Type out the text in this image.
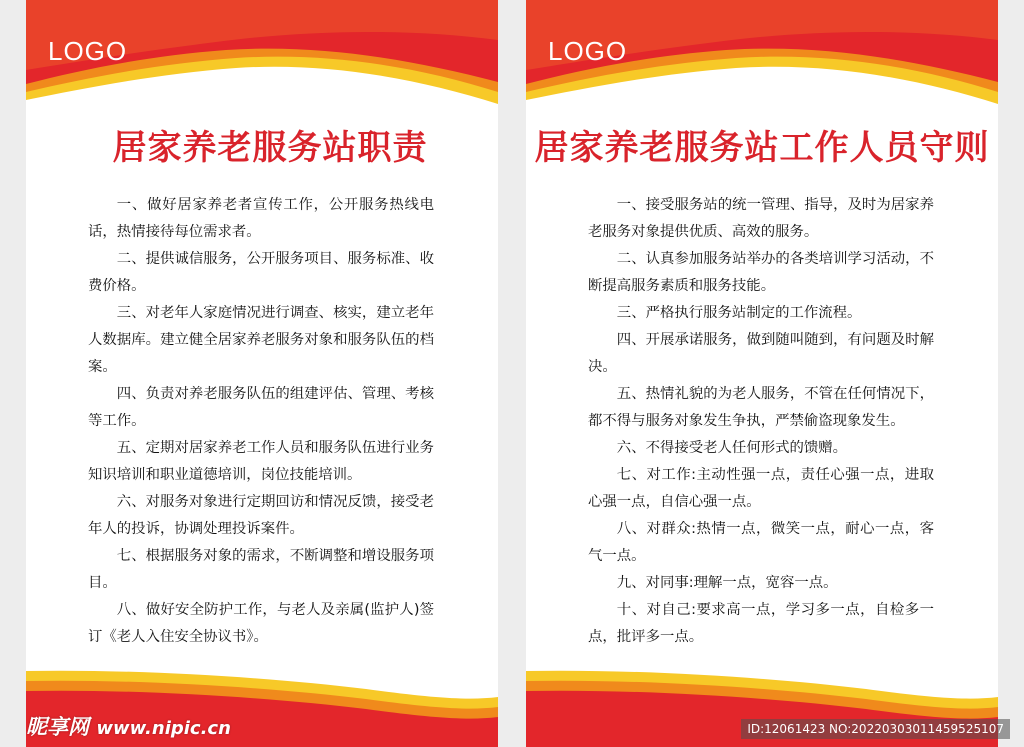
LOGO
居家养老服务站职责
一、做好居家养老者宣传工作，公开服务热线电话，热情接待每位需求者。
二、提供诚信服务，公开服务项目、服务标准、收费价格。
三、对老年人家庭情况进行调查、核实，建立老年人数据库。建立健全居家养老服务对象和服务队伍的档案。
四、负责对养老服务队伍的组建评估、管理、考核等工作。
五、定期对居家养老工作人员和服务队伍进行业务知识培训和职业道德培训，岗位技能培训。
六、对服务对象进行定期回访和情况反馈，接受老年人的投诉，协调处理投诉案件。
七、根据服务对象的需求，不断调整和增设服务项目。
八、做好安全防护工作，与老人及亲属(监护人)签订《老人入住安全协议书》。
昵享网 www.nipic.cn
LOGO
居家养老服务站工作人员守则
一、接受服务站的统一管理、指导，及时为居家养老服务对象提供优质、高效的服务。
二、认真参加服务站举办的各类培训学习活动，不断提高服务素质和服务技能。
三、严格执行服务站制定的工作流程。
四、开展承诺服务，做到随叫随到，有问题及时解决。
五、热情礼貌的为老人服务，不管在任何情况下，都不得与服务对象发生争执，严禁偷盗现象发生。
六、不得接受老人任何形式的馈赠。
七、对工作:主动性强一点，责任心强一点，进取心强一点，自信心强一点。
八、对群众:热情一点，微笑一点，耐心一点，客气一点。
九、对同事:理解一点，宽容一点。
十、对自己:要求高一点，学习多一点，自检多一点，批评多一点。
ID:12061423 NO:20220303011459525107
